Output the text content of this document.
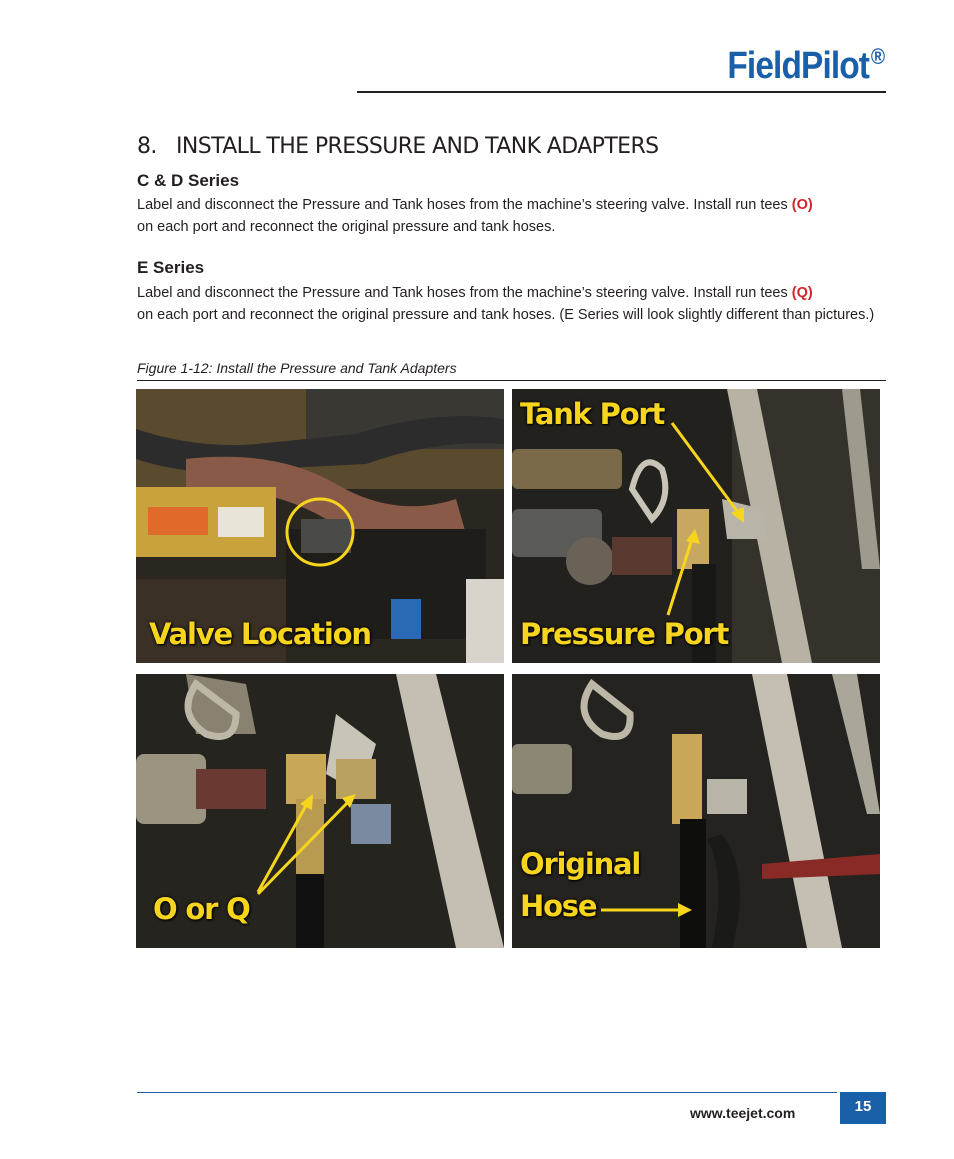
FieldPilot®
8.   INSTALL THE PRESSURE AND TANK ADAPTERS
C & D Series
Label and disconnect the Pressure and Tank hoses from the machine’s steering valve. Install run tees (O)
on each port and reconnect the original pressure and tank hoses.
E Series
Label and disconnect the Pressure and Tank hoses from the machine’s steering valve. Install run tees (Q)
on each port and reconnect the original pressure and tank hoses. (E Series will look slightly different than pictures.)
Figure 1-12: Install the Pressure and Tank Adapters
Valve Location
Tank Port
Pressure Port
O or Q
Original
Hose
www.teejet.com	15
